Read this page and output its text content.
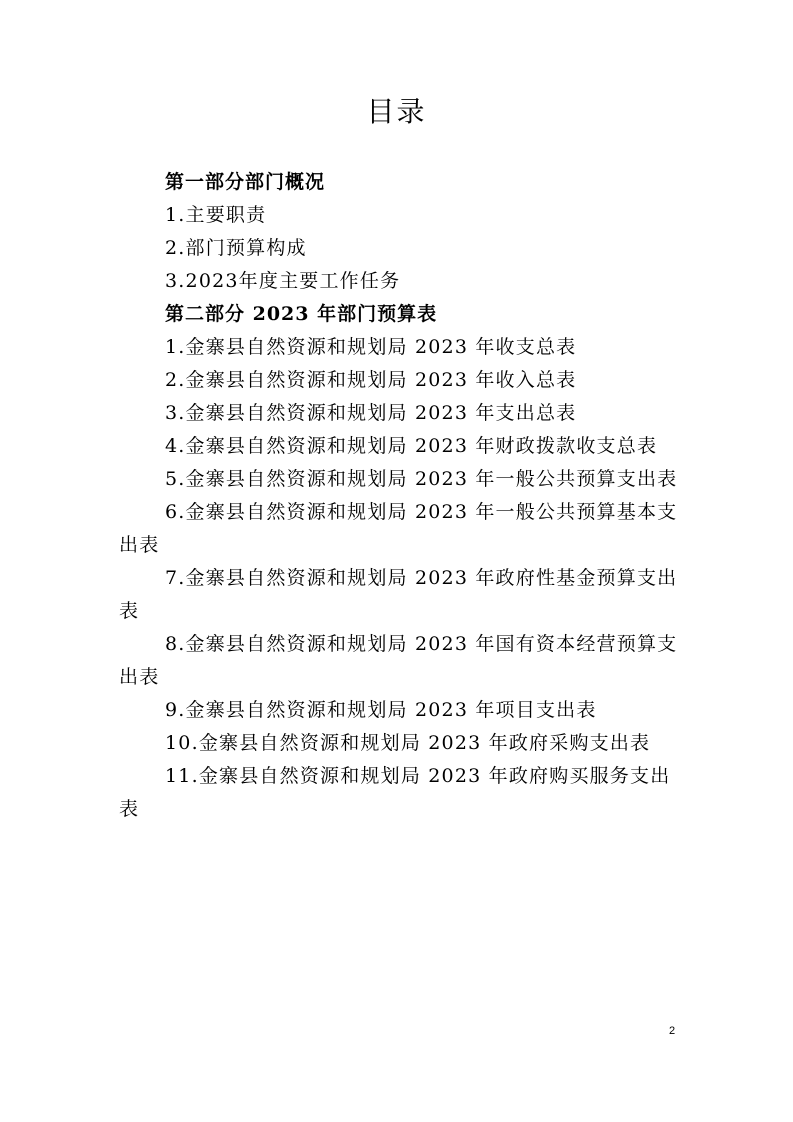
目录
第一部分部门概况
1.主要职责
2.部门预算构成
3.2023年度主要工作任务
第二部分 2023 年部门预算表
1.金寨县自然资源和规划局 2023 年收支总表
2.金寨县自然资源和规划局 2023 年收入总表
3.金寨县自然资源和规划局 2023 年支出总表
4.金寨县自然资源和规划局 2023 年财政拨款收支总表
5.金寨县自然资源和规划局 2023 年一般公共预算支出表
6.金寨县自然资源和规划局 2023 年一般公共预算基本支出表
7.金寨县自然资源和规划局 2023 年政府性基金预算支出表
8.金寨县自然资源和规划局 2023 年国有资本经营预算支出表
9.金寨县自然资源和规划局 2023 年项目支出表
10.金寨县自然资源和规划局 2023 年政府采购支出表
11.金寨县自然资源和规划局 2023 年政府购买服务支出表
2
